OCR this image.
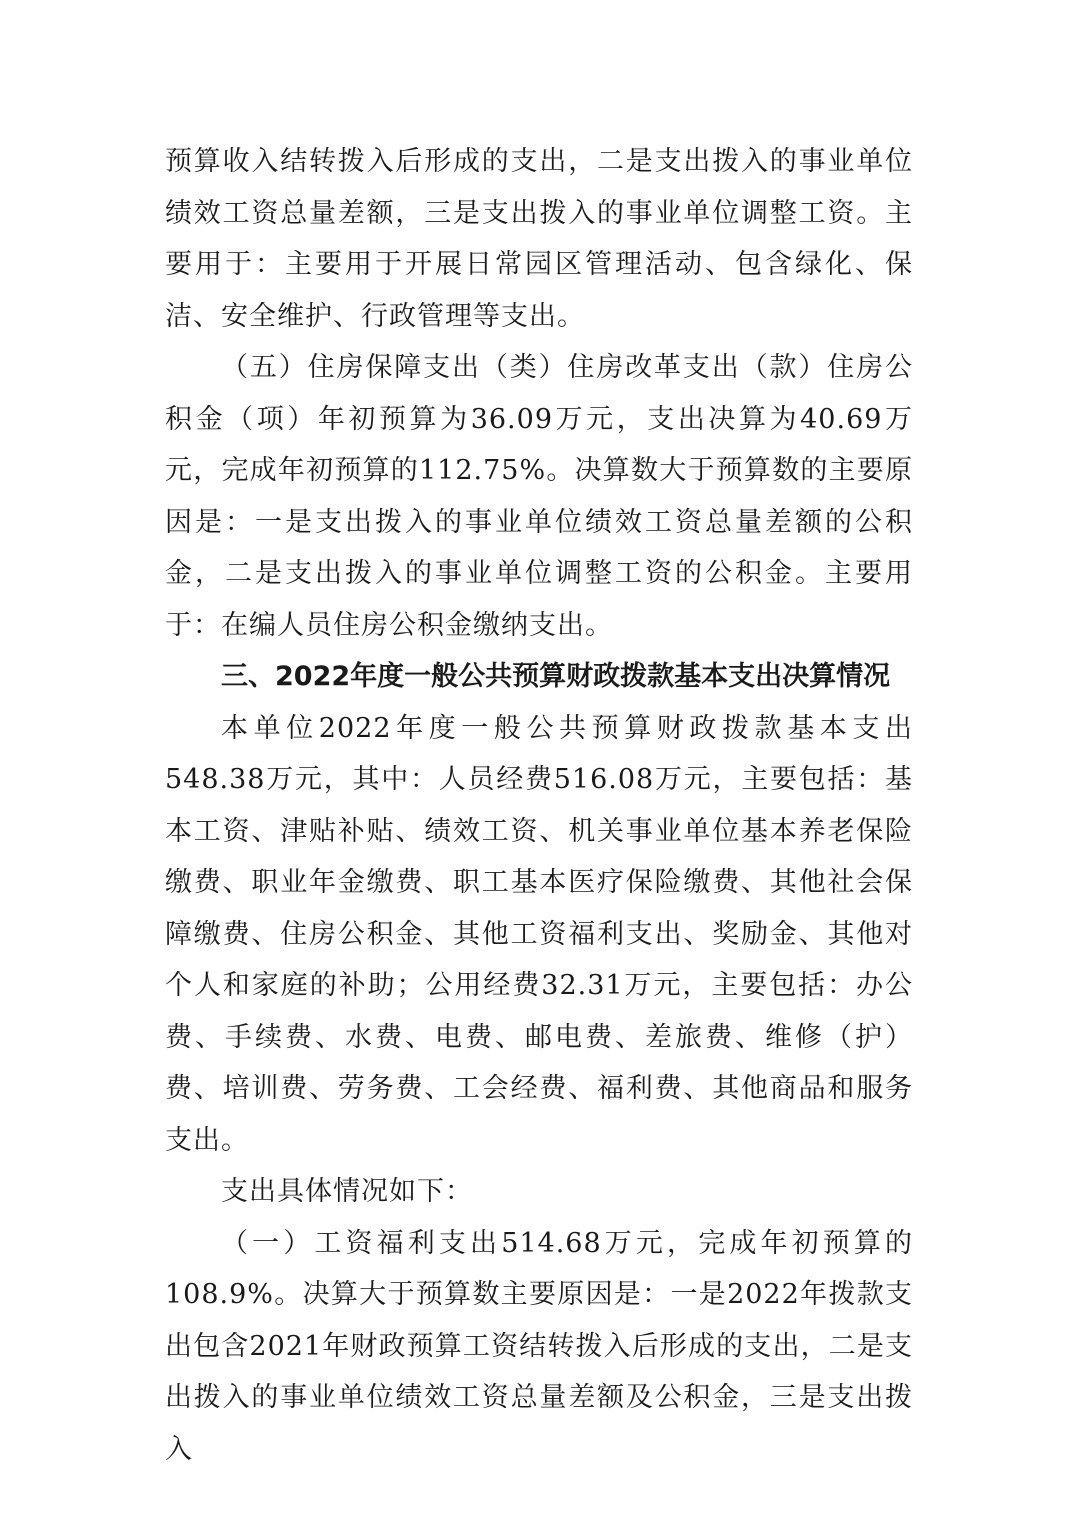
预算收入结转拨入后形成的支出，二是支出拨入的事业单位绩效工资总量差额，三是支出拨入的事业单位调整工资。主要用于：主要用于开展日常园区管理活动、包含绿化、保洁、安全维护、行政管理等支出。

（五）住房保障支出（类）住房改革支出（款）住房公积金（项）年初预算为36.09万元，支出决算为40.69万元，完成年初预算的112.75%。决算数大于预算数的主要原因是：一是支出拨入的事业单位绩效工资总量差额的公积金，二是支出拨入的事业单位调整工资的公积金。主要用于：在编人员住房公积金缴纳支出。

三、2022年度一般公共预算财政拨款基本支出决算情况

本单位2022年度一般公共预算财政拨款基本支出548.38万元，其中：人员经费516.08万元，主要包括：基本工资、津贴补贴、绩效工资、机关事业单位基本养老保险缴费、职业年金缴费、职工基本医疗保险缴费、其他社会保障缴费、住房公积金、其他工资福利支出、奖励金、其他对个人和家庭的补助；公用经费32.31万元，主要包括：办公费、手续费、水费、电费、邮电费、差旅费、维修（护）费、培训费、劳务费、工会经费、福利费、其他商品和服务支出。

支出具体情况如下：

（一）工资福利支出514.68万元，完成年初预算的108.9%。决算大于预算数主要原因是：一是2022年拨款支出包含2021年财政预算工资结转拨入后形成的支出，二是支出拨入的事业单位绩效工资总量差额及公积金，三是支出拨入
